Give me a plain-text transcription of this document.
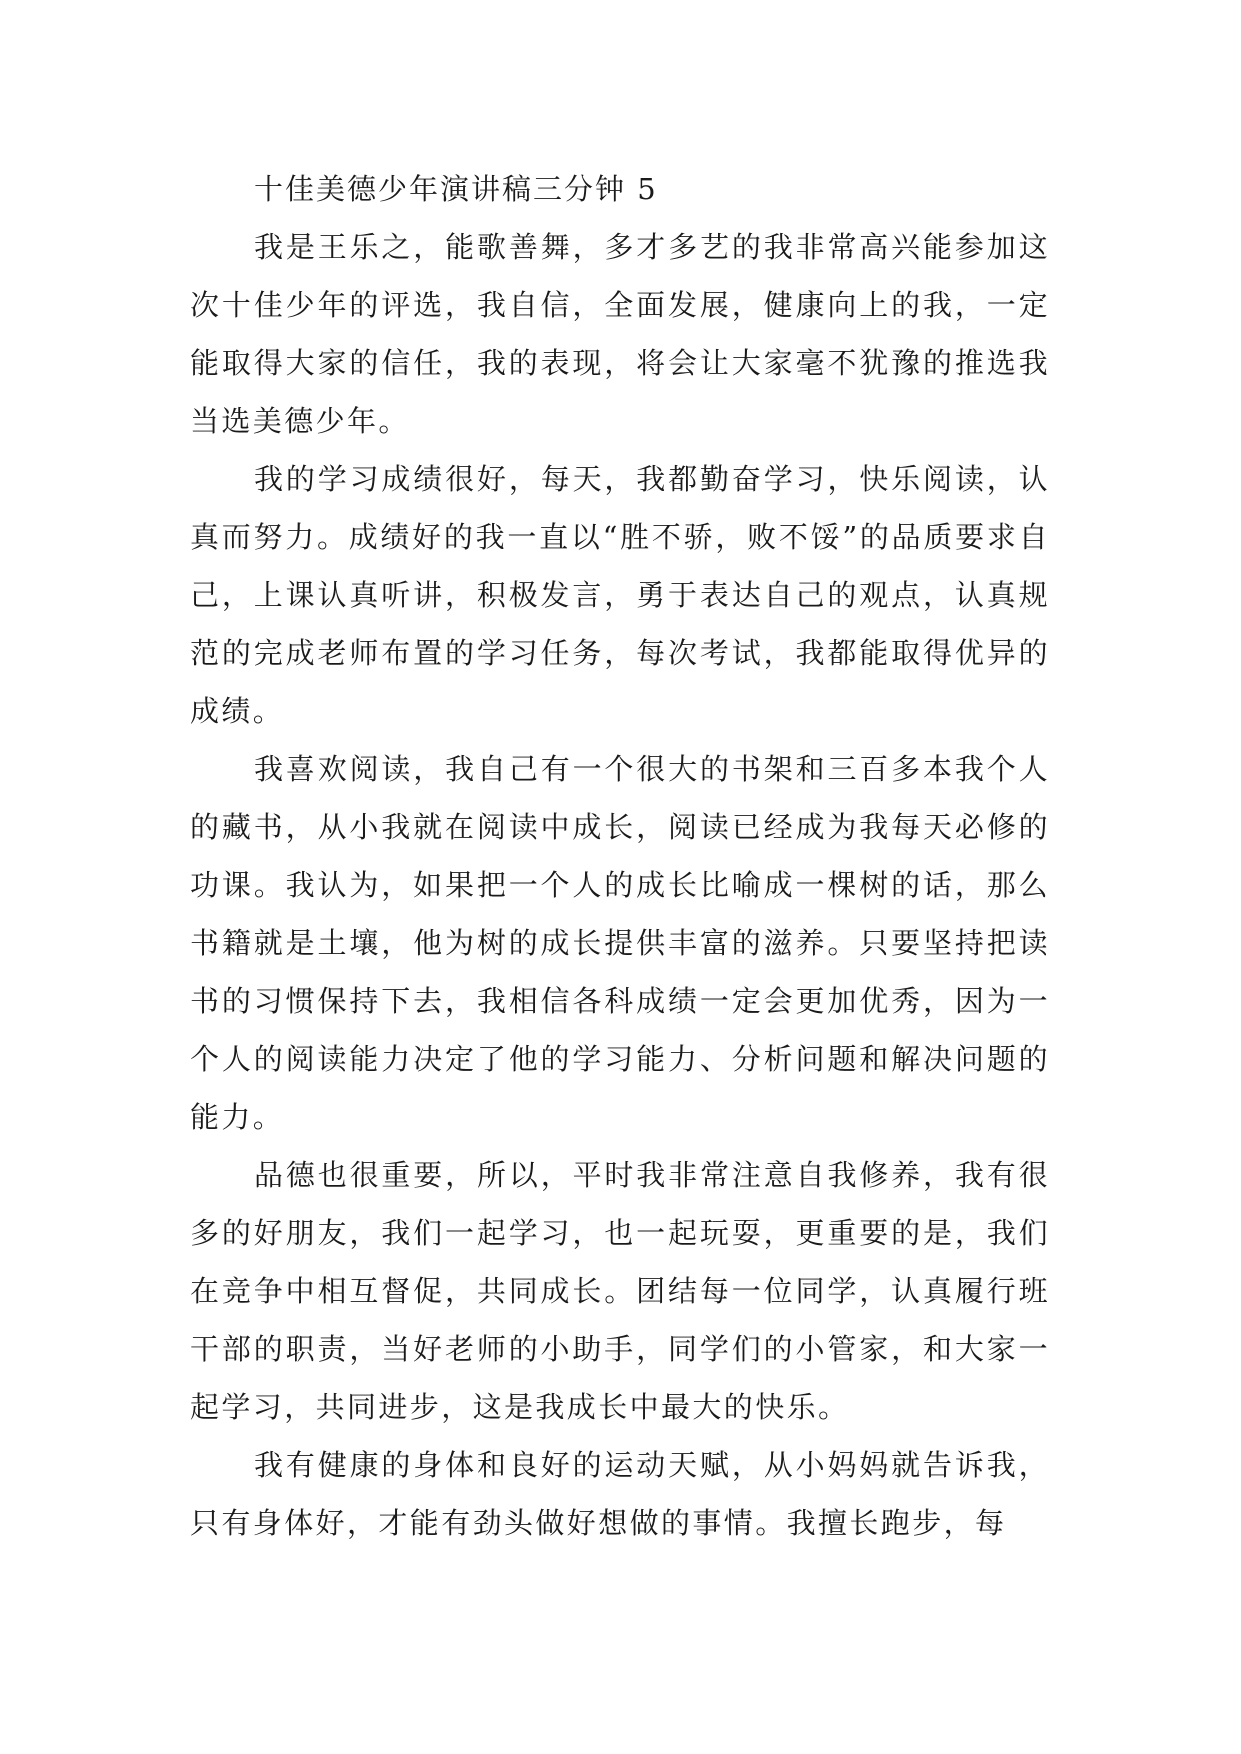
十佳美德少年演讲稿三分钟 5

我是王乐之，能歌善舞，多才多艺的我非常高兴能参加这次十佳少年的评选，我自信，全面发展，健康向上的我，一定能取得大家的信任，我的表现，将会让大家毫不犹豫的推选我当选美德少年。

我的学习成绩很好，每天，我都勤奋学习，快乐阅读，认真而努力。成绩好的我一直以“胜不骄，败不馁”的品质要求自己，上课认真听讲，积极发言，勇于表达自己的观点，认真规范的完成老师布置的学习任务，每次考试，我都能取得优异的成绩。

我喜欢阅读，我自己有一个很大的书架和三百多本我个人的藏书，从小我就在阅读中成长，阅读已经成为我每天必修的功课。我认为，如果把一个人的成长比喻成一棵树的话，那么书籍就是土壤，他为树的成长提供丰富的滋养。只要坚持把读书的习惯保持下去，我相信各科成绩一定会更加优秀，因为一个人的阅读能力决定了他的学习能力、分析问题和解决问题的能力。

品德也很重要，所以，平时我非常注意自我修养，我有很多的好朋友，我们一起学习，也一起玩耍，更重要的是，我们在竞争中相互督促，共同成长。团结每一位同学，认真履行班干部的职责，当好老师的小助手，同学们的小管家，和大家一起学习，共同进步，这是我成长中最大的快乐。

我有健康的身体和良好的运动天赋，从小妈妈就告诉我，只有身体好，才能有劲头做好想做的事情。我擅长跑步，每
